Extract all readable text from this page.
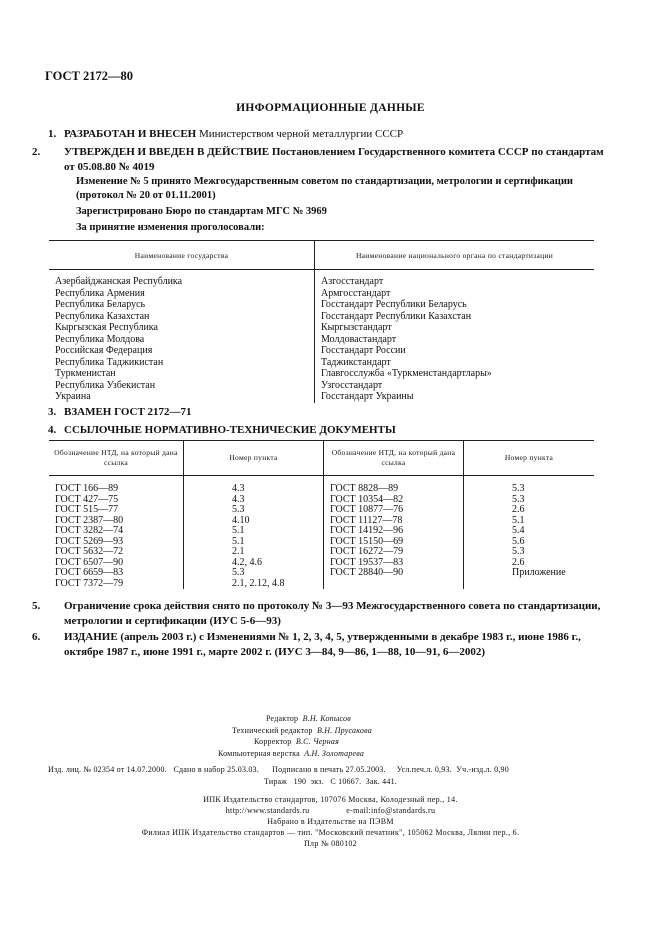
ГОСТ 2172—80
ИНФОРМАЦИОННЫЕ ДАННЫЕ
1. РАЗРАБОТАН И ВНЕСЕН Министерством черной металлургии СССР
2. УТВЕРЖДЕН И ВВЕДЕН В ДЕЙСТВИЕ Постановлением Государственного комитета СССР по стандартам от 05.08.80 № 4019
Изменение № 5 принято Межгосударственным советом по стандартизации, метрологии и сертификации (протокол № 20 от 01.11.2001)
Зарегистрировано Бюро по стандартам МГС № 3969
За принятие изменения проголосовали:
Наименование государства	Наименование национального органа по стандартизации
Азербайджанская Республика	Азгосстандарт
Республика Армения	Армгосстандарт
Республика Беларусь	Госстандарт Республики Беларусь
Республика Казахстан	Госстандарт Республики Казахстан
Кыргызская Республика	Кыргызстандарт
Республика Молдова	Молдовастандарт
Российская Федерация	Госстандарт России
Республика Таджикистан	Таджикстандарт
Туркменистан	Главгосслужба «Туркменстандартлары»
Республика Узбекистан	Узгосстандарт
Украина	Госстандарт Украины
3. ВЗАМЕН ГОСТ 2172—71
4. ССЫЛОЧНЫЕ НОРМАТИВНО-ТЕХНИЧЕСКИЕ ДОКУМЕНТЫ
Обозначение НТД, на который дана ссылка	Номер пункта	Обозначение НТД, на который дана ссылка	Номер пункта
ГОСТ 166—89	4.3	ГОСТ 8828—89	5.3
ГОСТ 427—75	4.3	ГОСТ 10354—82	5.3
ГОСТ 515—77	5.3	ГОСТ 10877—76	2.6
ГОСТ 2387—80	4.10	ГОСТ 11127—78	5.1
ГОСТ 3282—74	5.1	ГОСТ 14192—96	5.4
ГОСТ 5269—93	5.1	ГОСТ 15150—69	5.6
ГОСТ 5632—72	2.1	ГОСТ 16272—79	5.3
ГОСТ 6507—90	4.2, 4.6	ГОСТ 19537—83	2.6
ГОСТ 6659—83	5.3	ГОСТ 28840—90	Приложение
ГОСТ 7372—79	2.1, 2.12, 4.8		
5. Ограничение срока действия снято по протоколу № 3—93 Межгосударственного совета по стандартизации, метрологии и сертификации (ИУС 5-6—93)
6. ИЗДАНИЕ (апрель 2003 г.) с Изменениями № 1, 2, 3, 4, 5, утвержденными в декабре 1983 г., июне 1986 г., октябре 1987 г., июне 1991 г., марте 2002 г. (ИУС 3—84, 9—86, 1—88, 10—91, 6—2002)
Редактор В.Н. Копысов
Технический редактор В.Н. Прусакова
Корректор В.С. Черная
Компьютерная верстка А.Н. Золотарева
Изд. лиц. № 02354 от 14.07.2000.   Сдано в набор 25.03.03.      Подписано в печать 27.05.2003.     Усл.печ.л. 0,93.  Уч.-изд.л. 0,90
Тираж   190  экз.   С 10667.  Зак. 441.
ИПК Издательство стандартов, 107076 Москва, Колодезный пер., 14.
http://www.standards.ru                e-mail:info@standards.ru
Набрано в Издательстве на ПЭВМ
Филиал ИПК Издательство стандартов — тип. "Московский печатник", 105062 Москва, Лялин пер., 6.
Плр № 080102
